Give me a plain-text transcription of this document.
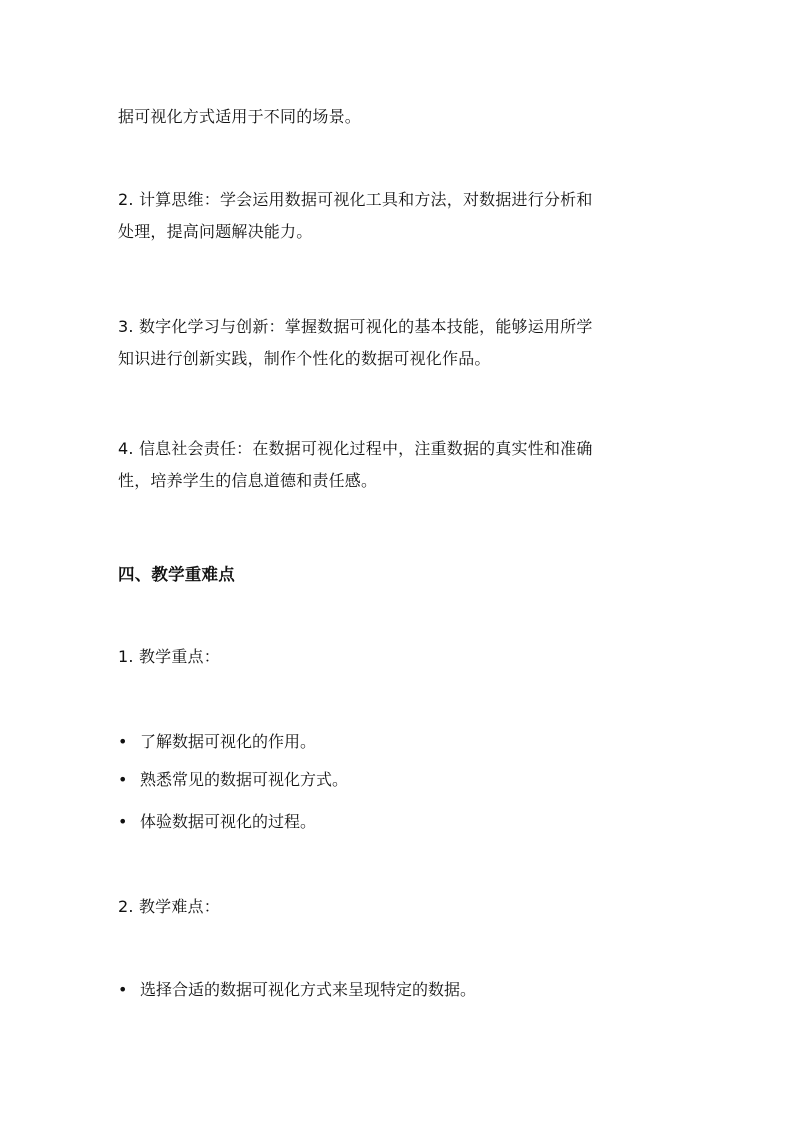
据可视化方式适用于不同的场景。
2. 计算思维：学会运用数据可视化工具和方法，对数据进行分析和
处理，提高问题解决能力。
3. 数字化学习与创新：掌握数据可视化的基本技能，能够运用所学
知识进行创新实践，制作个性化的数据可视化作品。
4. 信息社会责任：在数据可视化过程中，注重数据的真实性和准确
性，培养学生的信息道德和责任感。
四、教学重难点
1. 教学重点：
• 了解数据可视化的作用。
• 熟悉常见的数据可视化方式。
• 体验数据可视化的过程。
2. 教学难点：
• 选择合适的数据可视化方式来呈现特定的数据。
